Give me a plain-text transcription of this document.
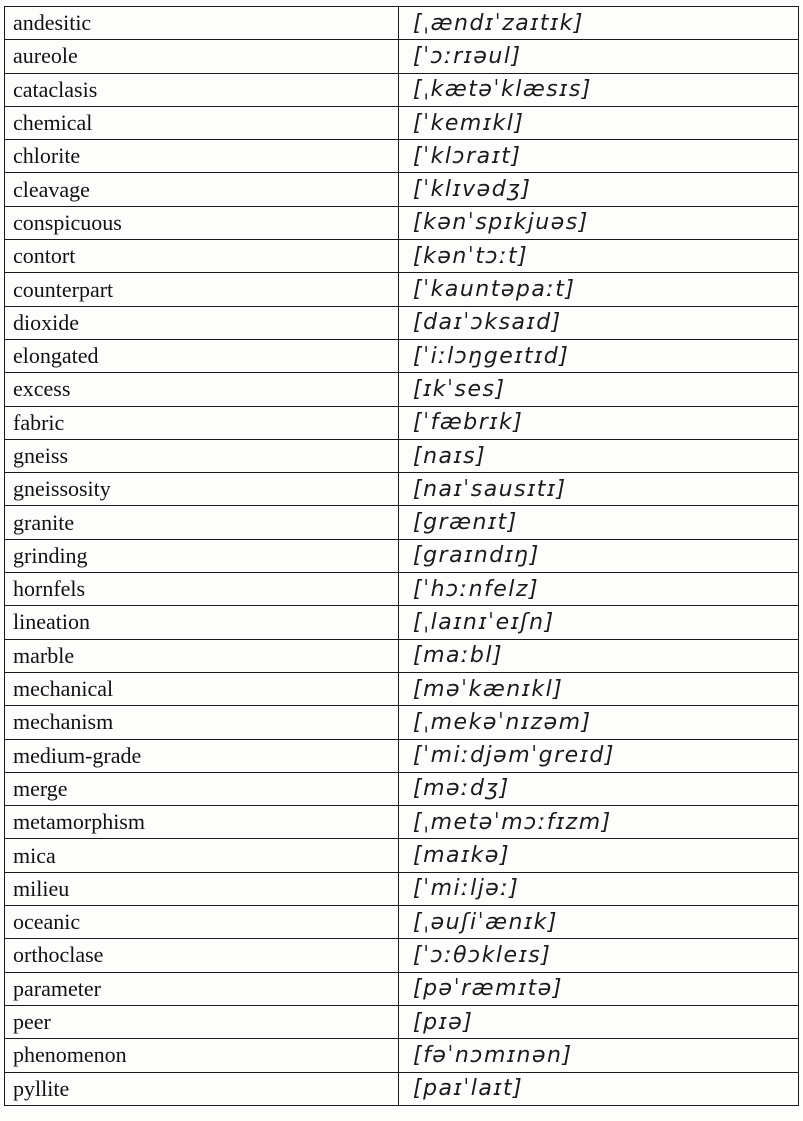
andesitic	[ˌændɪˈzaɪtɪk]
aureole	[ˈɔːrɪəul]
cataclasis	[ˌkætəˈklæsɪs]
chemical	[ˈkemɪkl]
chlorite	[ˈklɔraɪt]
cleavage	[ˈklɪvədʒ]
conspicuous	[kənˈspɪkjuəs]
contort	[kənˈtɔːt]
counterpart	[ˈkauntəpaːt]
dioxide	[daɪˈɔksaɪd]
elongated	[ˈiːlɔŋgeɪtɪd]
excess	[ɪkˈses]
fabric	[ˈfæbrɪk]
gneiss	[naɪs]
gneissosity	[naɪˈsausɪtɪ]
granite	[grænɪt]
grinding	[graɪndɪŋ]
hornfels	[ˈhɔːnfelz]
lineation	[ˌlaɪnɪˈeɪʃn]
marble	[maːbl]
mechanical	[məˈkænɪkl]
mechanism	[ˌmekəˈnɪzəm]
medium-grade	[ˈmiːdjəmˈgreɪd]
merge	[məːdʒ]
metamorphism	[ˌmetəˈmɔːfɪzm]
mica	[maɪkə]
milieu	[ˈmiːljəː]
oceanic	[ˌəuʃiˈænɪk]
orthoclase	[ˈɔːθɔkleɪs]
parameter	[pəˈræmɪtə]
peer	[pɪə]
phenomenon	[fəˈnɔmɪnən]
pyllite	[paɪˈlaɪt]
